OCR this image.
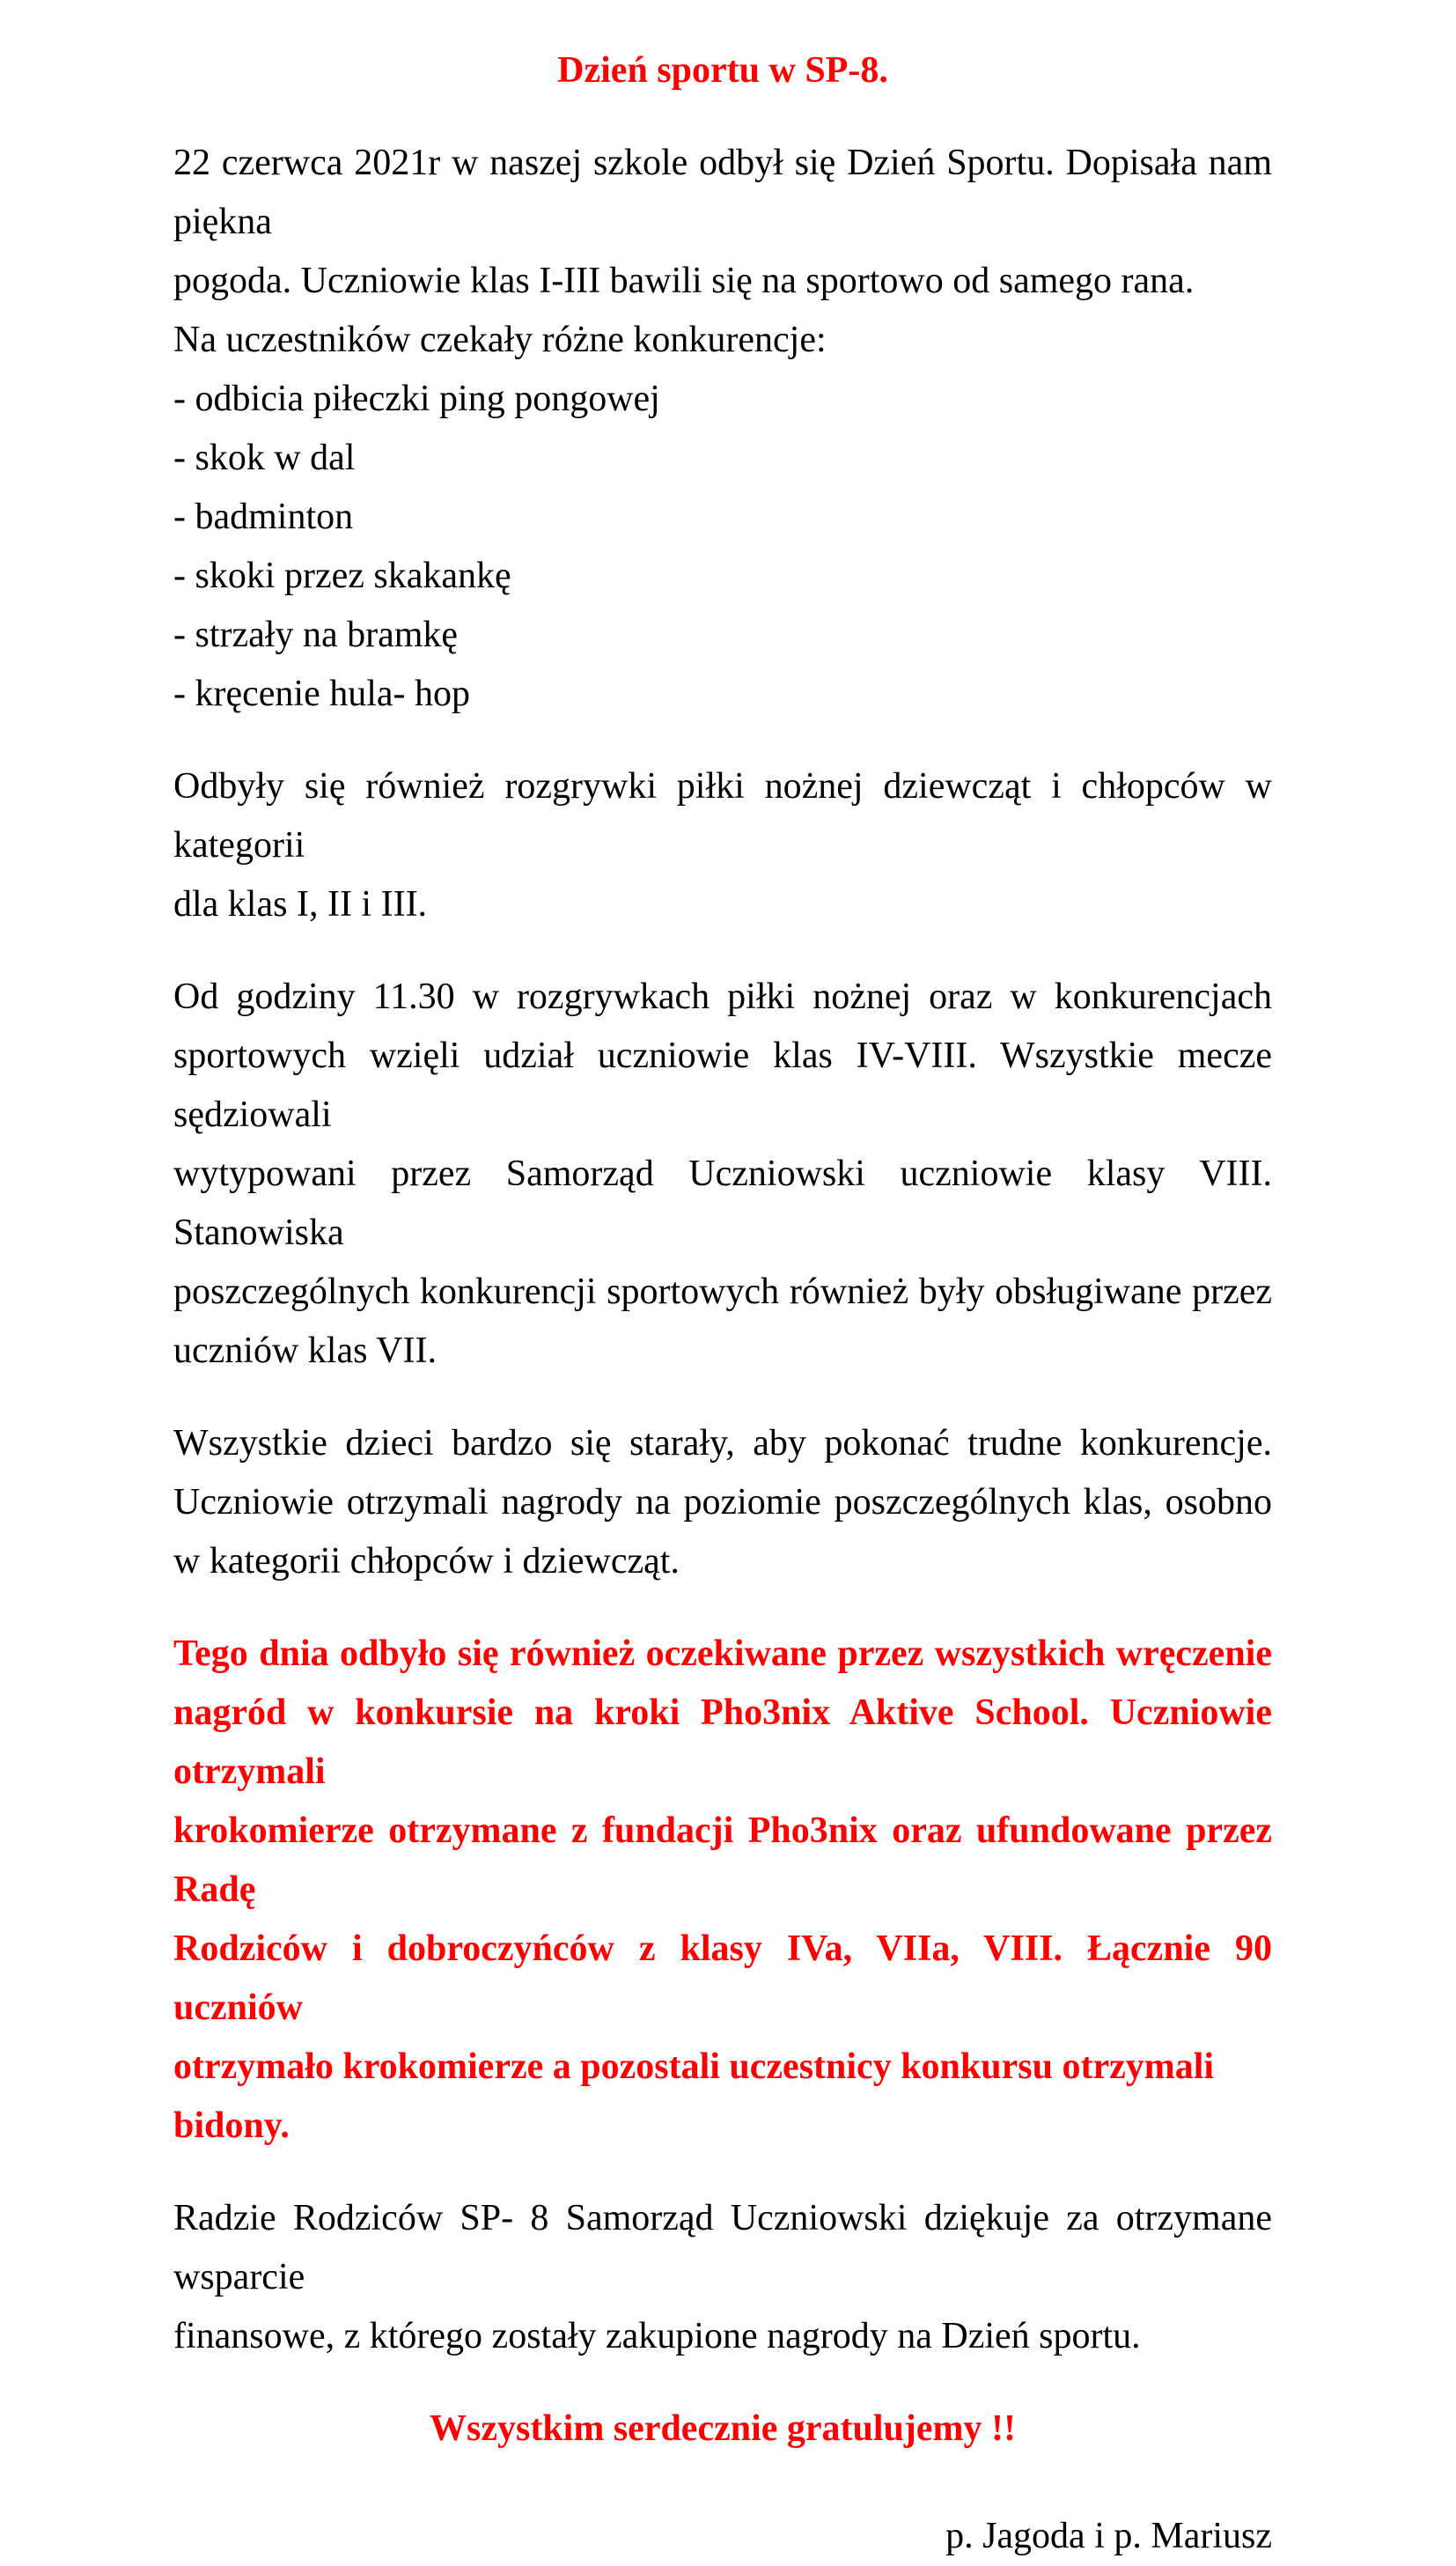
Dzień sportu w SP-8.
22 czerwca 2021r w naszej szkole odbył się Dzień Sportu. Dopisała nam piękna
pogoda. Uczniowie klas I-III bawili się na sportowo od samego rana.
Na uczestników czekały różne konkurencje:
- odbicia piłeczki ping pongowej
- skok w dal
- badminton
- skoki przez skakankę
- strzały na bramkę
- kręcenie hula- hop
Odbyły się również rozgrywki piłki nożnej dziewcząt i chłopców w kategorii
dla klas I, II i III.
Od godziny 11.30 w rozgrywkach piłki nożnej oraz w konkurencjach
sportowych wzięli udział uczniowie klas IV-VIII. Wszystkie mecze sędziowali
wytypowani przez Samorząd Uczniowski uczniowie klasy VIII. Stanowiska
poszczególnych konkurencji sportowych również były obsługiwane przez
uczniów klas VII.
Wszystkie dzieci bardzo się starały, aby pokonać trudne konkurencje.
Uczniowie otrzymali nagrody na poziomie poszczególnych klas, osobno
w kategorii chłopców i dziewcząt.
Tego dnia odbyło się również oczekiwane przez wszystkich wręczenie
nagród w konkursie na kroki Pho3nix Aktive School. Uczniowie otrzymali
krokomierze otrzymane z fundacji Pho3nix oraz ufundowane przez Radę
Rodziców i dobroczyńców z klasy IVa, VIIa, VIII. Łącznie 90 uczniów
otrzymało krokomierze a pozostali uczestnicy konkursu otrzymali bidony.
Radzie Rodziców SP- 8 Samorząd Uczniowski dziękuje za otrzymane wsparcie
finansowe, z którego zostały zakupione nagrody na Dzień sportu.
Wszystkim serdecznie gratulujemy !!
p. Jagoda i p. Mariusz
